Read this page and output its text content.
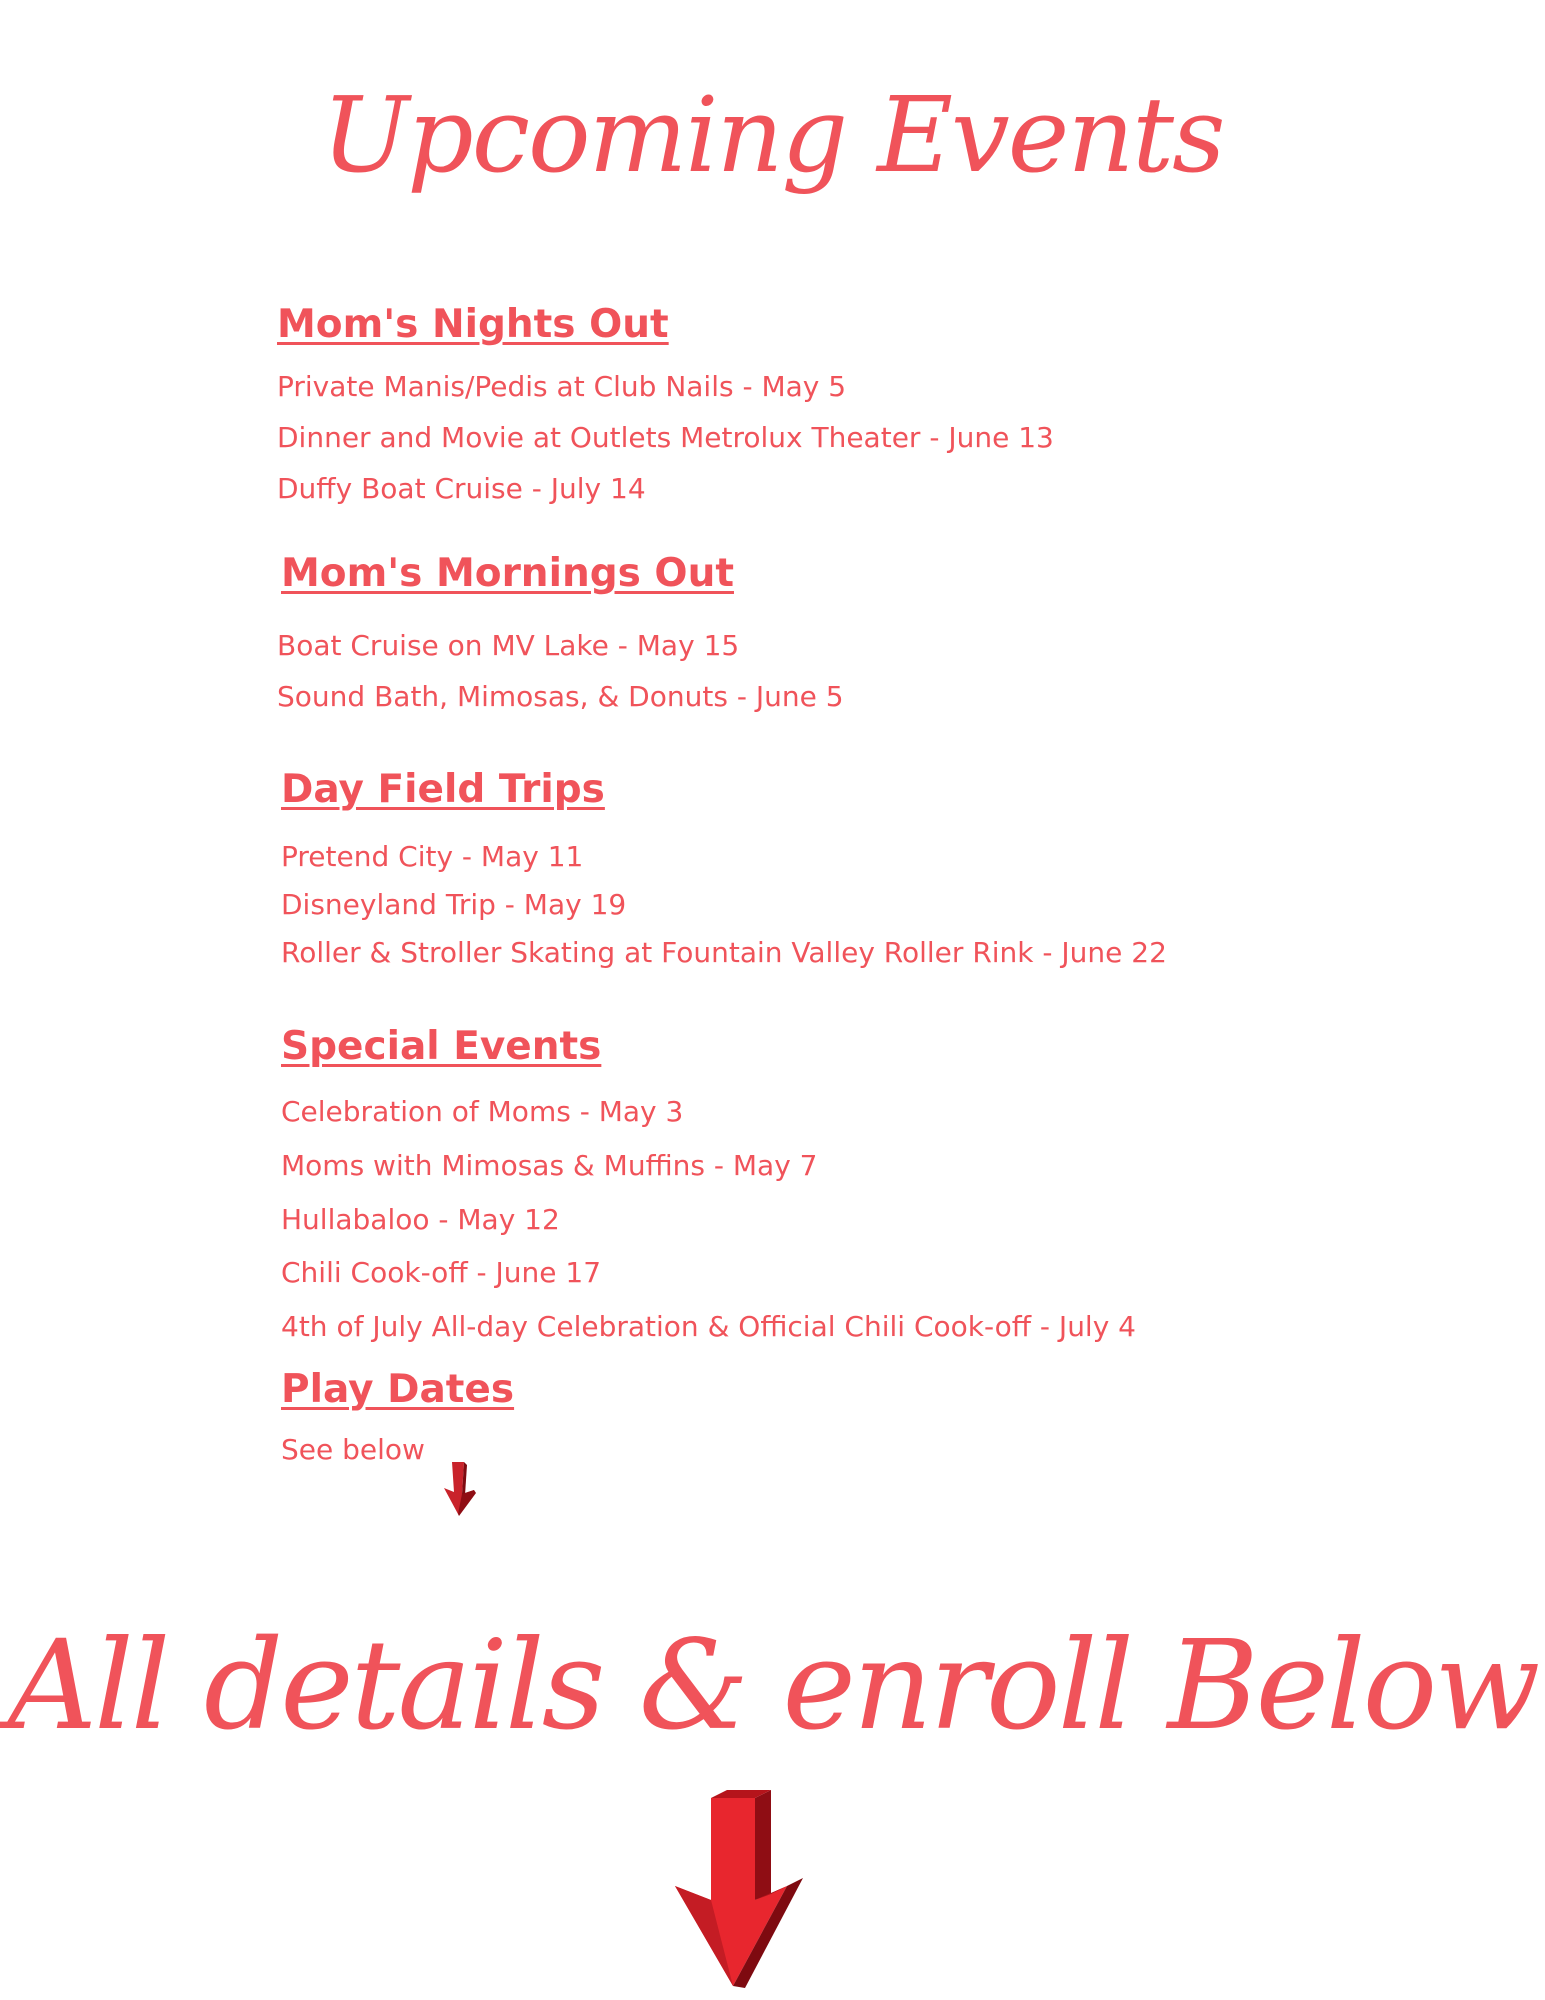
Upcoming Events
Mom's Nights Out
Private Manis/Pedis at Club Nails - May 5
Dinner and Movie at Outlets Metrolux Theater - June 13
Duffy Boat Cruise - July 14
Mom's Mornings Out
Boat Cruise on MV Lake - May 15
Sound Bath, Mimosas, & Donuts - June 5
Day Field Trips
Pretend City - May 11
Disneyland Trip - May 19
Roller & Stroller Skating at Fountain Valley Roller Rink - June 22
Special Events
Celebration of Moms - May 3
Moms with Mimosas & Muffins - May 7
Hullabaloo - May 12
Chili Cook-off - June 17
4th of July All-day Celebration & Official Chili Cook-off - July 4
Play Dates
See below
All details & enroll Below
